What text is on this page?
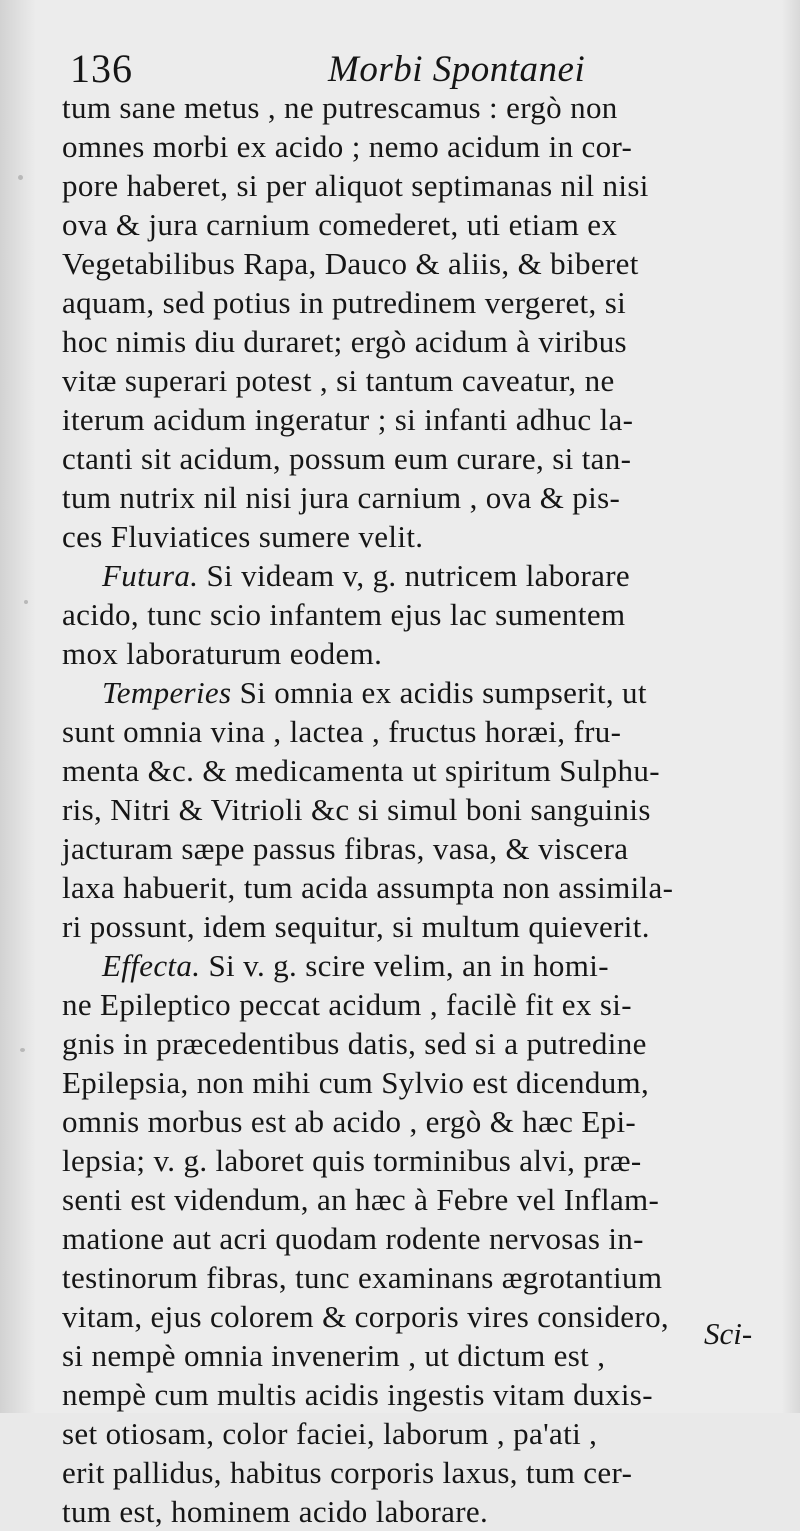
136	Morbi Spontanei
tum sane metus , ne putrescamus : ergò non
omnes morbi ex acido ; nemo acidum in cor-
pore haberet, si per aliquot septimanas nil nisi
ova & jura carnium comederet, uti etiam ex
Vegetabilibus Rapa, Dauco & aliis, & biberet
aquam, sed potius in putredinem vergeret, si
hoc nimis diu duraret; ergò acidum à viribus
vitæ superari potest , si tantum caveatur, ne
iterum acidum ingeratur ; si infanti adhuc la-
ctanti sit acidum, possum eum curare, si tan-
tum nutrix nil nisi jura carnium , ova & pis-
ces Fluviatices sumere velit.
Futura. Si videam v, g. nutricem laborare
acido, tunc scio infantem ejus lac sumentem
mox laboraturum eodem.
Temperies Si omnia ex acidis sumpserit, ut
sunt omnia vina , lactea , fructus horæi, fru-
menta &c. & medicamenta ut spiritum Sulphu-
ris, Nitri & Vitrioli &c si simul boni sanguinis
jacturam sæpe passus fibras, vasa, & viscera
laxa habuerit, tum acida assumpta non assimila-
ri possunt, idem sequitur, si multum quieverit.
Effecta. Si v. g. scire velim, an in homi-
ne Epileptico peccat acidum , facilè fit ex si-
gnis in præcedentibus datis, sed si a putredine
Epilepsia, non mihi cum Sylvio est dicendum,
omnis morbus est ab acido , ergò & hæc Epi-
lepsia; v. g. laboret quis torminibus alvi, præ-
senti est videndum, an hæc à Febre vel Inflam-
matione aut acri quodam rodente nervosas in-
testinorum fibras, tunc examinans ægrotantium
vitam, ejus colorem & corporis vires considero,
si nempè omnia invenerim , ut dictum est ,
nempè cum multis acidis ingestis vitam duxis-
set otiosam, color faciei, laborum , pa'ati ,
erit pallidus, habitus corporis laxus, tum cer-
tum est, hominem acido laborare.
Sci-
